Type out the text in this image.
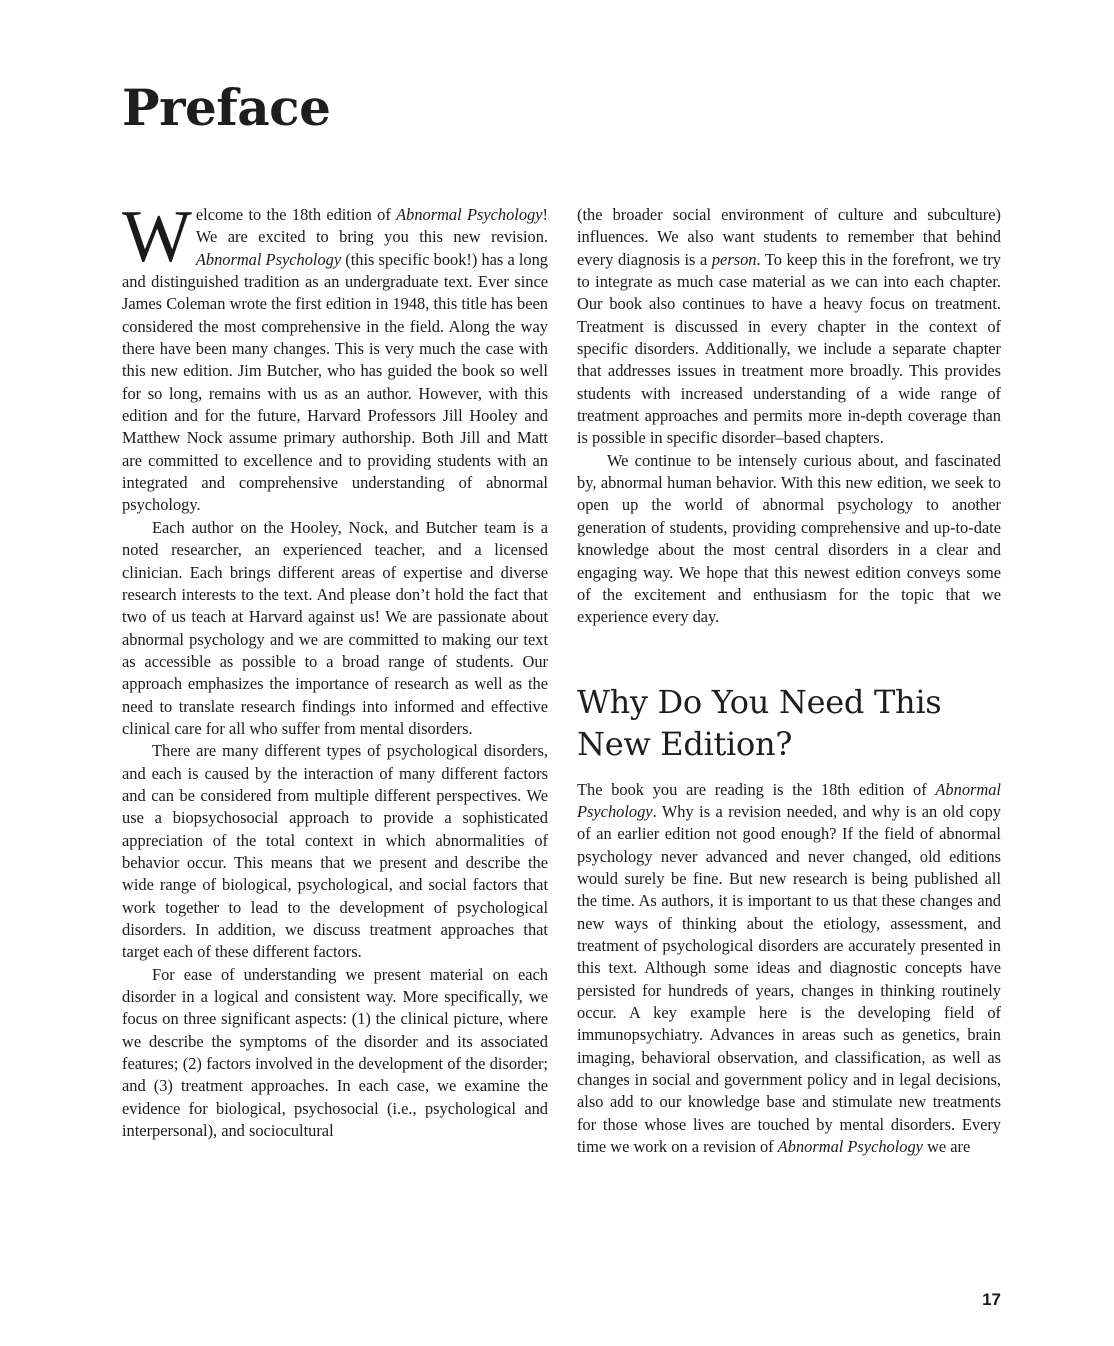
Preface

Welcome to the 18th edition of Abnormal Psychology! We are excited to bring you this new revision. Abnormal Psychology (this specific book!) has a long and distinguished tradition as an undergraduate text. Ever since James Coleman wrote the first edition in 1948, this title has been considered the most comprehensive in the field. Along the way there have been many changes. This is very much the case with this new edition. Jim Butcher, who has guided the book so well for so long, remains with us as an author. However, with this edition and for the future, Harvard Professors Jill Hooley and Matthew Nock assume primary authorship. Both Jill and Matt are committed to excellence and to providing students with an integrated and comprehensive understanding of abnormal psychology.

Each author on the Hooley, Nock, and Butcher team is a noted researcher, an experienced teacher, and a licensed clinician. Each brings different areas of expertise and diverse research interests to the text. And please don’t hold the fact that two of us teach at Harvard against us! We are passionate about abnormal psychology and we are committed to making our text as accessible as possible to a broad range of students. Our approach emphasizes the importance of research as well as the need to translate research findings into informed and effective clinical care for all who suffer from mental disorders.

There are many different types of psychological disorders, and each is caused by the interaction of many different factors and can be considered from multiple different perspectives. We use a biopsychosocial approach to provide a sophisticated appreciation of the total context in which abnormalities of behavior occur. This means that we present and describe the wide range of biological, psychological, and social factors that work together to lead to the development of psychological disorders. In addition, we discuss treatment approaches that target each of these different factors.

For ease of understanding we present material on each disorder in a logical and consistent way. More specifically, we focus on three significant aspects: (1) the clinical picture, where we describe the symptoms of the disorder and its associated features; (2) factors involved in the development of the disorder; and (3) treatment approaches. In each case, we examine the evidence for biological, psychosocial (i.e., psychological and interpersonal), and sociocultural

(the broader social environment of culture and subculture) influences. We also want students to remember that behind every diagnosis is a person. To keep this in the forefront, we try to integrate as much case material as we can into each chapter. Our book also continues to have a heavy focus on treatment. Treatment is discussed in every chapter in the context of specific disorders. Additionally, we include a separate chapter that addresses issues in treatment more broadly. This provides students with increased understanding of a wide range of treatment approaches and permits more in-depth coverage than is possible in specific disorder–based chapters.

We continue to be intensely curious about, and fascinated by, abnormal human behavior. With this new edition, we seek to open up the world of abnormal psychology to another generation of students, providing comprehensive and up-to-date knowledge about the most central disorders in a clear and engaging way. We hope that this newest edition conveys some of the excitement and enthusiasm for the topic that we experience every day.

Why Do You Need This New Edition?

The book you are reading is the 18th edition of Abnormal Psychology. Why is a revision needed, and why is an old copy of an earlier edition not good enough? If the field of abnormal psychology never advanced and never changed, old editions would surely be fine. But new research is being published all the time. As authors, it is important to us that these changes and new ways of thinking about the etiology, assessment, and treatment of psychological disorders are accurately presented in this text. Although some ideas and diagnostic concepts have persisted for hundreds of years, changes in thinking routinely occur. A key example here is the developing field of immunopsychiatry. Advances in areas such as genetics, brain imaging, behavioral observation, and classification, as well as changes in social and government policy and in legal decisions, also add to our knowledge base and stimulate new treatments for those whose lives are touched by mental disorders. Every time we work on a revision of Abnormal Psychology we are

17
